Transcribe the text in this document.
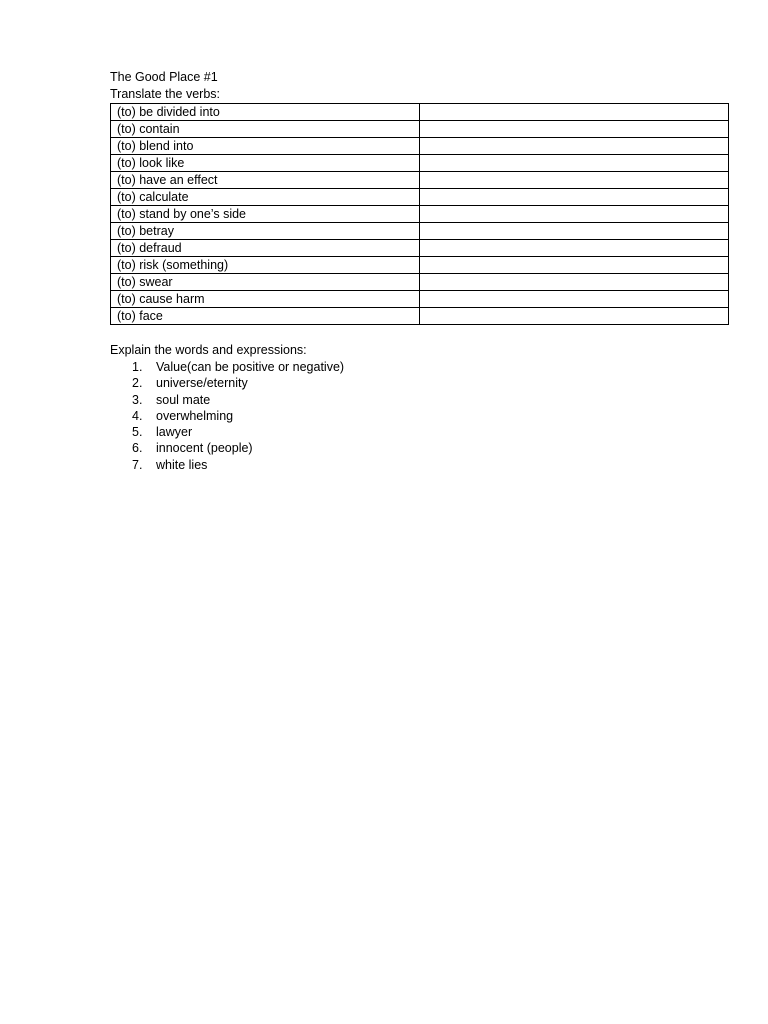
The Good Place #1
Translate the verbs:
(to) be divided into	
(to) contain	
(to) blend into	
(to) look like	
(to) have an effect	
(to) calculate	
(to) stand by one’s side	
(to) betray	
(to) defraud	
(to) risk (something)	
(to) swear	
(to) cause harm	
(to) face	
Explain the words and expressions:
1. Value(can be positive or negative)
2. universe/eternity
3. soul mate
4. overwhelming
5. lawyer
6. innocent (people)
7. white lies
